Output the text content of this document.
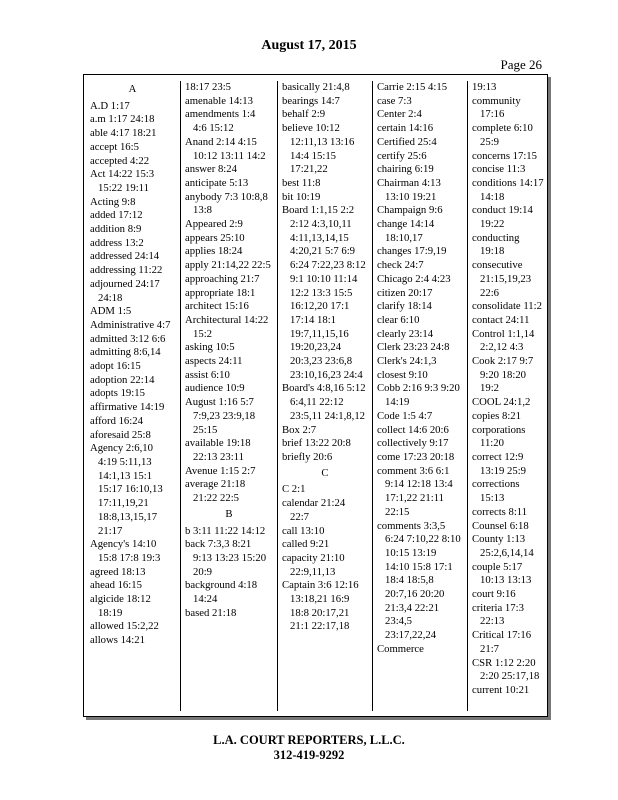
August 17, 2015
Page 26
A
A.D 1:17
a.m 1:17 24:18
able 4:17 18:21
accept 16:5
accepted 4:22
Act 14:22 15:3 15:22 19:11
Acting 9:8
added 17:12
addition 8:9
address 13:2
addressed 24:14
addressing 11:22
adjourned 24:17 24:18
ADM 1:5
Administrative 4:7
admitted 3:12 6:6
admitting 8:6,14
adopt 16:15
adoption 22:14
adopts 19:15
affirmative 14:19
afford 16:24
aforesaid 25:8
Agency 2:6,10 4:19 5:11,13 14:1,13 15:1 15:17 16:10,13 17:11,19,21 18:8,13,15,17 21:17
Agency's 14:10 15:8 17:8 19:3
agreed 18:13
ahead 16:15
algicide 18:12 18:19
allowed 15:2,22
allows 14:21
18:17 23:5
amenable 14:13
amendments 1:4 4:6 15:12
Anand 2:14 4:15 10:12 13:11 14:2
answer 8:24
anticipate 5:13
anybody 7:3 10:8,8 13:8
Appeared 2:9
appears 25:10
applies 18:24
apply 21:14,22 22:5
approaching 21:7
appropriate 18:1
architect 15:16
Architectural 14:22 15:2
asking 10:5
aspects 24:11
assist 6:10
audience 10:9
August 1:16 5:7 7:9,23 23:9,18 25:15
available 19:18 22:13 23:11
Avenue 1:15 2:7
average 21:18 21:22 22:5
B
b 3:11 11:22 14:12
back 7:3,3 8:21 9:13 13:23 15:20 20:9
background 4:18 14:24
based 21:18
basically 21:4,8
bearings 14:7
behalf 2:9
believe 10:12 12:11,13 13:16 14:4 15:15 17:21,22
best 11:8
bit 10:19
Board 1:1,15 2:2 2:12 4:3,10,11 4:11,13,14,15 4:20,21 5:7 6:9 6:24 7:22,23 8:12 9:1 10:10 11:14 12:2 13:3 15:5 16:12,20 17:1 17:14 18:1 19:7,11,15,16 19:20,23,24 20:3,23 23:6,8 23:10,16,23 24:4
Board's 4:8,16 5:12 6:4,11 22:12 23:5,11 24:1,8,12
Box 2:7
brief 13:22 20:8
briefly 20:6
C
C 2:1
calendar 21:24 22:7
call 13:10
called 9:21
capacity 21:10 22:9,11,13
Captain 3:6 12:16 13:18,21 16:9 18:8 20:17,21 21:1 22:17,18
Carrie 2:15 4:15
case 7:3
Center 2:4
certain 14:16
Certified 25:4
certify 25:6
chairing 6:19
Chairman 4:13 13:10 19:21
Champaign 9:6
change 14:14 18:10,17
changes 17:9,19
check 24:7
Chicago 2:4 4:23
citizen 20:17
clarify 18:14
clear 6:10
clearly 23:14
Clerk 23:23 24:8
Clerk's 24:1,3
closest 9:10
Cobb 2:16 9:3 9:20 14:19
Code 1:5 4:7
collect 14:6 20:6
collectively 9:17
come 17:23 20:18
comment 3:6 6:1 9:14 12:18 13:4 17:1,22 21:11 22:15
comments 3:3,5 6:24 7:10,22 8:10 10:15 13:19 14:10 15:8 17:1 18:4 18:5,8 20:7,16 20:20 21:3,4 22:21 23:4,5 23:17,22,24
Commerce
19:13
community 17:16
complete 6:10 25:9
concerns 17:15
concise 11:3
conditions 14:17 14:18
conduct 19:14 19:22
conducting 19:18
consecutive 21:15,19,23 22:6
consolidate 11:2
contact 24:11
Control 1:1,14 2:2,12 4:3
Cook 2:17 9:7 9:20 18:20 19:2
COOL 24:1,2
copies 8:21
corporations 11:20
correct 12:9 13:19 25:9
corrections 15:13
corrects 8:11
Counsel 6:18
County 1:13 25:2,6,14,14
couple 5:17 10:13 13:13
court 9:16
criteria 17:3 22:13
Critical 17:16 21:7
CSR 1:12 2:20 2:20 25:17,18
current 10:21
L.A. COURT REPORTERS, L.L.C.
312-419-9292
